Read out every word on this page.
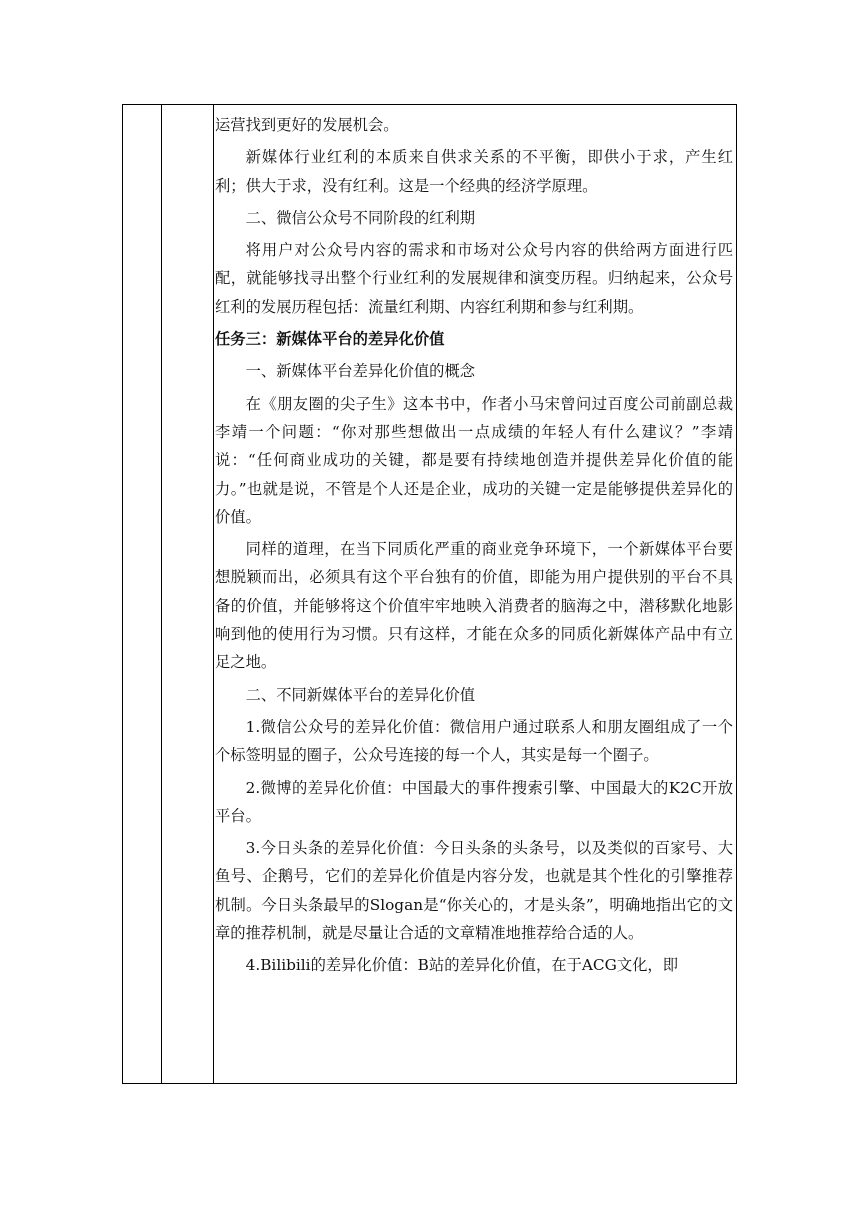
运营找到更好的发展机会。

新媒体行业红利的本质来自供求关系的不平衡，即供小于求，产生红利；供大于求，没有红利。这是一个经典的经济学原理。

二、微信公众号不同阶段的红利期

将用户对公众号内容的需求和市场对公众号内容的供给两方面进行匹配，就能够找寻出整个行业红利的发展规律和演变历程。归纳起来，公众号红利的发展历程包括：流量红利期、内容红利期和参与红利期。

任务三：新媒体平台的差异化价值

一、新媒体平台差异化价值的概念

在《朋友圈的尖子生》这本书中，作者小马宋曾问过百度公司前副总裁李靖一个问题：“你对那些想做出一点成绩的年轻人有什么建议？”李靖说：“任何商业成功的关键，都是要有持续地创造并提供差异化价值的能力。”也就是说，不管是个人还是企业，成功的关键一定是能够提供差异化的价值。

同样的道理，在当下同质化严重的商业竞争环境下，一个新媒体平台要想脱颖而出，必须具有这个平台独有的价值，即能为用户提供别的平台不具备的价值，并能够将这个价值牢牢地映入消费者的脑海之中，潜移默化地影响到他的使用行为习惯。只有这样，才能在众多的同质化新媒体产品中有立足之地。

二、不同新媒体平台的差异化价值

1.微信公众号的差异化价值：微信用户通过联系人和朋友圈组成了一个个标签明显的圈子，公众号连接的每一个人，其实是每一个圈子。

2.微博的差异化价值：中国最大的事件搜索引擎、中国最大的K2C开放平台。

3.今日头条的差异化价值：今日头条的头条号，以及类似的百家号、大鱼号、企鹅号，它们的差异化价值是内容分发，也就是其个性化的引擎推荐机制。今日头条最早的Slogan是“你关心的，才是头条”，明确地指出它的文章的推荐机制，就是尽量让合适的文章精准地推荐给合适的人。

4.Bilibili的差异化价值：B站的差异化价值，在于ACG文化，即
